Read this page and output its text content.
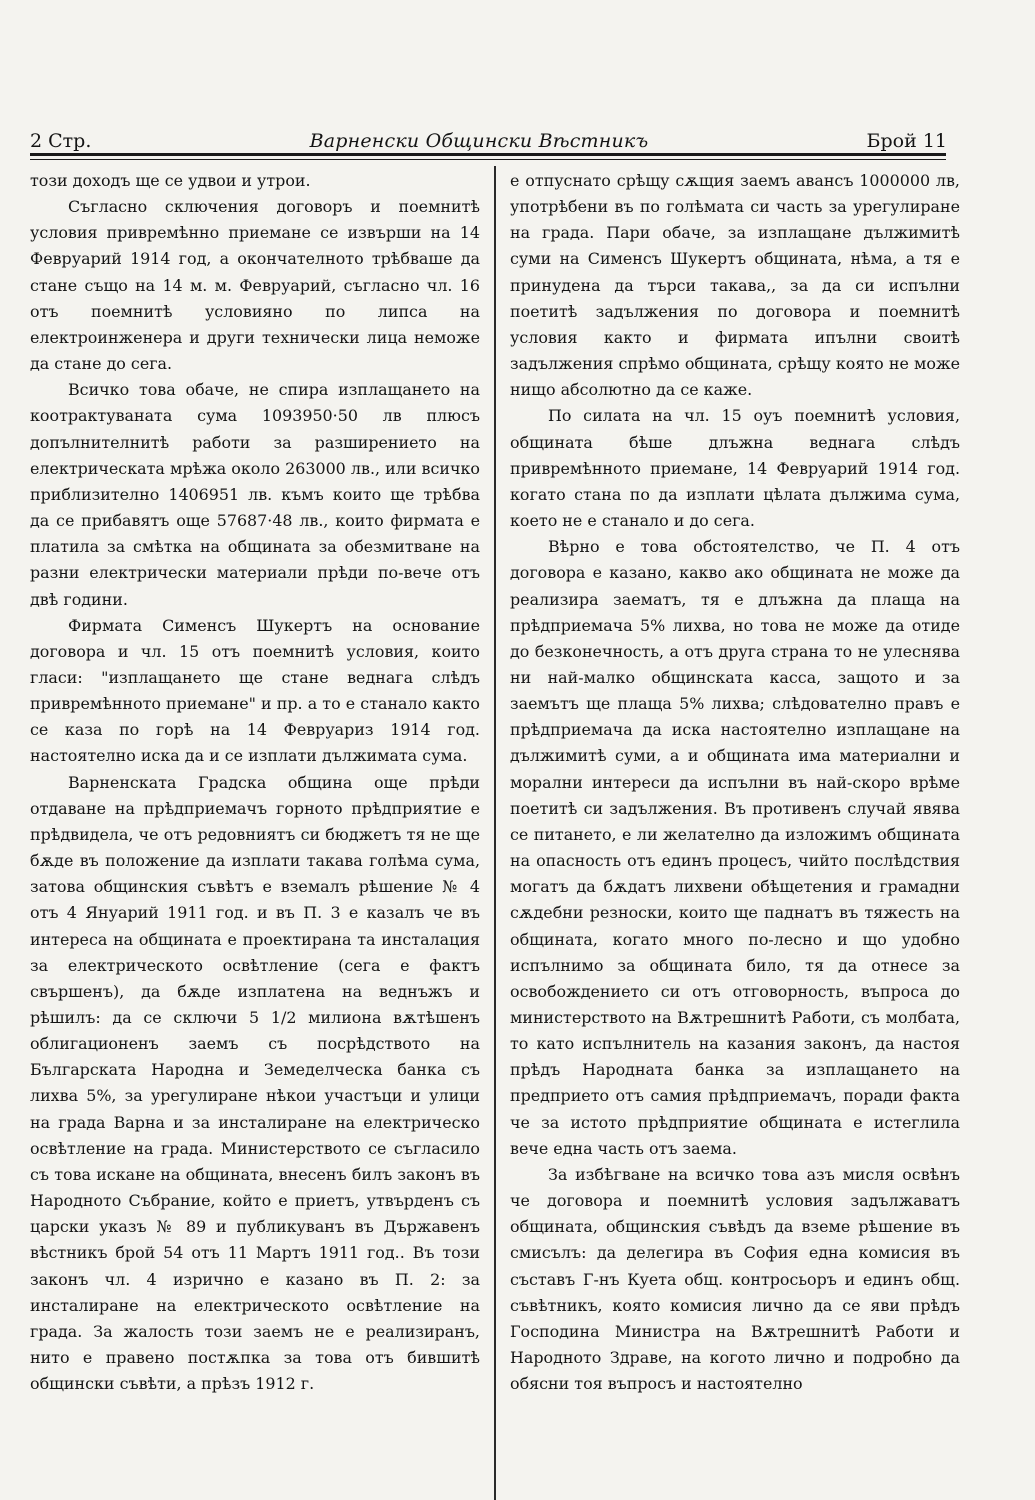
2 Стр.	Варненски Общински Вѣстникъ	Брой 11

този доходъ ще се удвои и утрои.

Съгласно сключения договоръ и поемнитѣ условия привремѣнно приемане се извърши на 14 Февруарий 1914 год, а окончателното трѣбваше да стане също на 14 м. м. Февруарий, съгласно чл. 16 отъ поемнитѣ условияно по липса на електроинженера и други технически лица неможе да стане до сега.

Всичко това обаче, не спира изплащането на коотрактуваната сума 1093950·50 лв плюсъ допълнителнитѣ работи за разширението на електрическата мрѣжа около 263000 лв., или всичко приблизително 1406951 лв. къмъ които ще трѣбва да се прибавятъ още 57687·48 лв., които фирмата е платила за смѣтка на общината за обезмитване на разни електрически материали прѣди по-вече отъ двѣ години.

Фирмата Сименсъ Шукертъ на основание договора и чл. 15 отъ поемнитѣ условия, които гласи: "изплащането ще стане веднага слѣдъ привремѣнното приемане" и пр. а то е станало както се каза по горѣ на 14 Февруариз 1914 год. настоятелно иска да и се изплати дължимата сума.

Варненската Градска община още прѣди отдаване на прѣдприемачъ горното прѣдприятие е прѣдвидела, че отъ редовниятъ си бюджетъ тя не ще бѫде въ положение да изплати такава голѣма сума, затова общинския съвѣтъ е вземалъ рѣшение № 4 отъ 4 Януарий 1911 год. и въ П. 3 е казалъ че въ интереса на общината е проектирана та инсталация за електрическото освѣтление (сега е фактъ свършенъ), да бѫде изплатена на веднъжъ и рѣшилъ: да се сключи 5 1/2 милиона вѫтѣшенъ облигационенъ заемъ съ посрѣдството на Българската Народна и Земеделческа банка съ лихва 5%, за урегулиране нѣкои участъци и улици на града Варна и за инсталиране на електрическо освѣтление на града. Министерството се съгласило съ това искане на общината, внесенъ билъ законъ въ Народното Събрание, който е приетъ, утвърденъ съ царски указъ № 89 и публикуванъ въ Държавенъ вѣстникъ брой 54 отъ 11 Мартъ 1911 год.. Въ този законъ чл. 4 изрично е казано въ П. 2: за инсталиране на електрическото освѣтление на града. За жалость този заемъ не е реализиранъ, нито е правено постѫпка за това отъ бившитѣ общински съвѣти, а прѣзъ 1912 г.

е отпуснато срѣщу сѫщия заемъ авансъ 1000000 лв, употрѣбени въ по голѣмата си часть за урегулиране на града. Пари обаче, за изплащане дължимитѣ суми на Сименсъ Шукертъ общината, нѣма, а тя е принудена да търси такава,, за да си испълни поетитѣ задължения по договора и поемнитѣ условия както и фирмата ипълни своитѣ задължения спрѣмо общината, срѣщу която не може нищо абсолютно да се каже.

По силата на чл. 15 оуъ поемнитѣ условия, общината бѣше длъжна веднага слѣдъ привремѣнното приемане, 14 Февруарий 1914 год. когато стана по да изплати цѣлата дължима сума, което не е станало и до сега.

Вѣрно е това обстоятелство, че П. 4 отъ договора е казано, какво ако общината не може да реализира заематъ, тя е длъжна да плаща на прѣдприемача 5% лихва, но това не може да отиде до безконечность, а отъ друга страна то не улеснява ни най-малко общинската касса, защото и за заемътъ ще плаща 5% лихва; слѣдователно правъ е прѣдприемача да иска настоятелно изплащане на дължимитѣ суми, а и общината има материални и морални интереси да испълни въ най-скоро врѣме поетитѣ си задължения. Въ противенъ случай явява се питането, е ли желателно да изложимъ общината на опасность отъ единъ процесъ, чийто послѣдствия могатъ да бѫдатъ лихвени обѣщетения и грамадни сѫдебни резноски, които ще паднатъ въ тяжесть на общината, когато много по-лесно и що удобно испълнимо за общината било, тя да отнесе за освобождението си отъ отговорность, въпроса до министерството на Вѫтрешнитѣ Работи, съ молбата, то като испълнитель на казания законъ, да настоя прѣдъ Народната банка за изплащането на предприето отъ самия прѣдприемачъ, поради факта че за истото прѣдприятие общината е истеглила вече една часть отъ заема.

За избѣгване на всичко това азъ мисля освѣнъ че договора и поемнитѣ условия задължаватъ общината, общинския съвѣдъ да вземе рѣшение въ смисълъ: да делегира въ София една комисия въ съставъ Г-нъ Куета общ. контросьоръ и единъ общ. съвѣтникъ, която комисия лично да се яви прѣдъ Господина Министра на Вѫтрешнитѣ Работи и Народното Здраве, на когото лично и подробно да обясни тоя въпросъ и настоятелно
